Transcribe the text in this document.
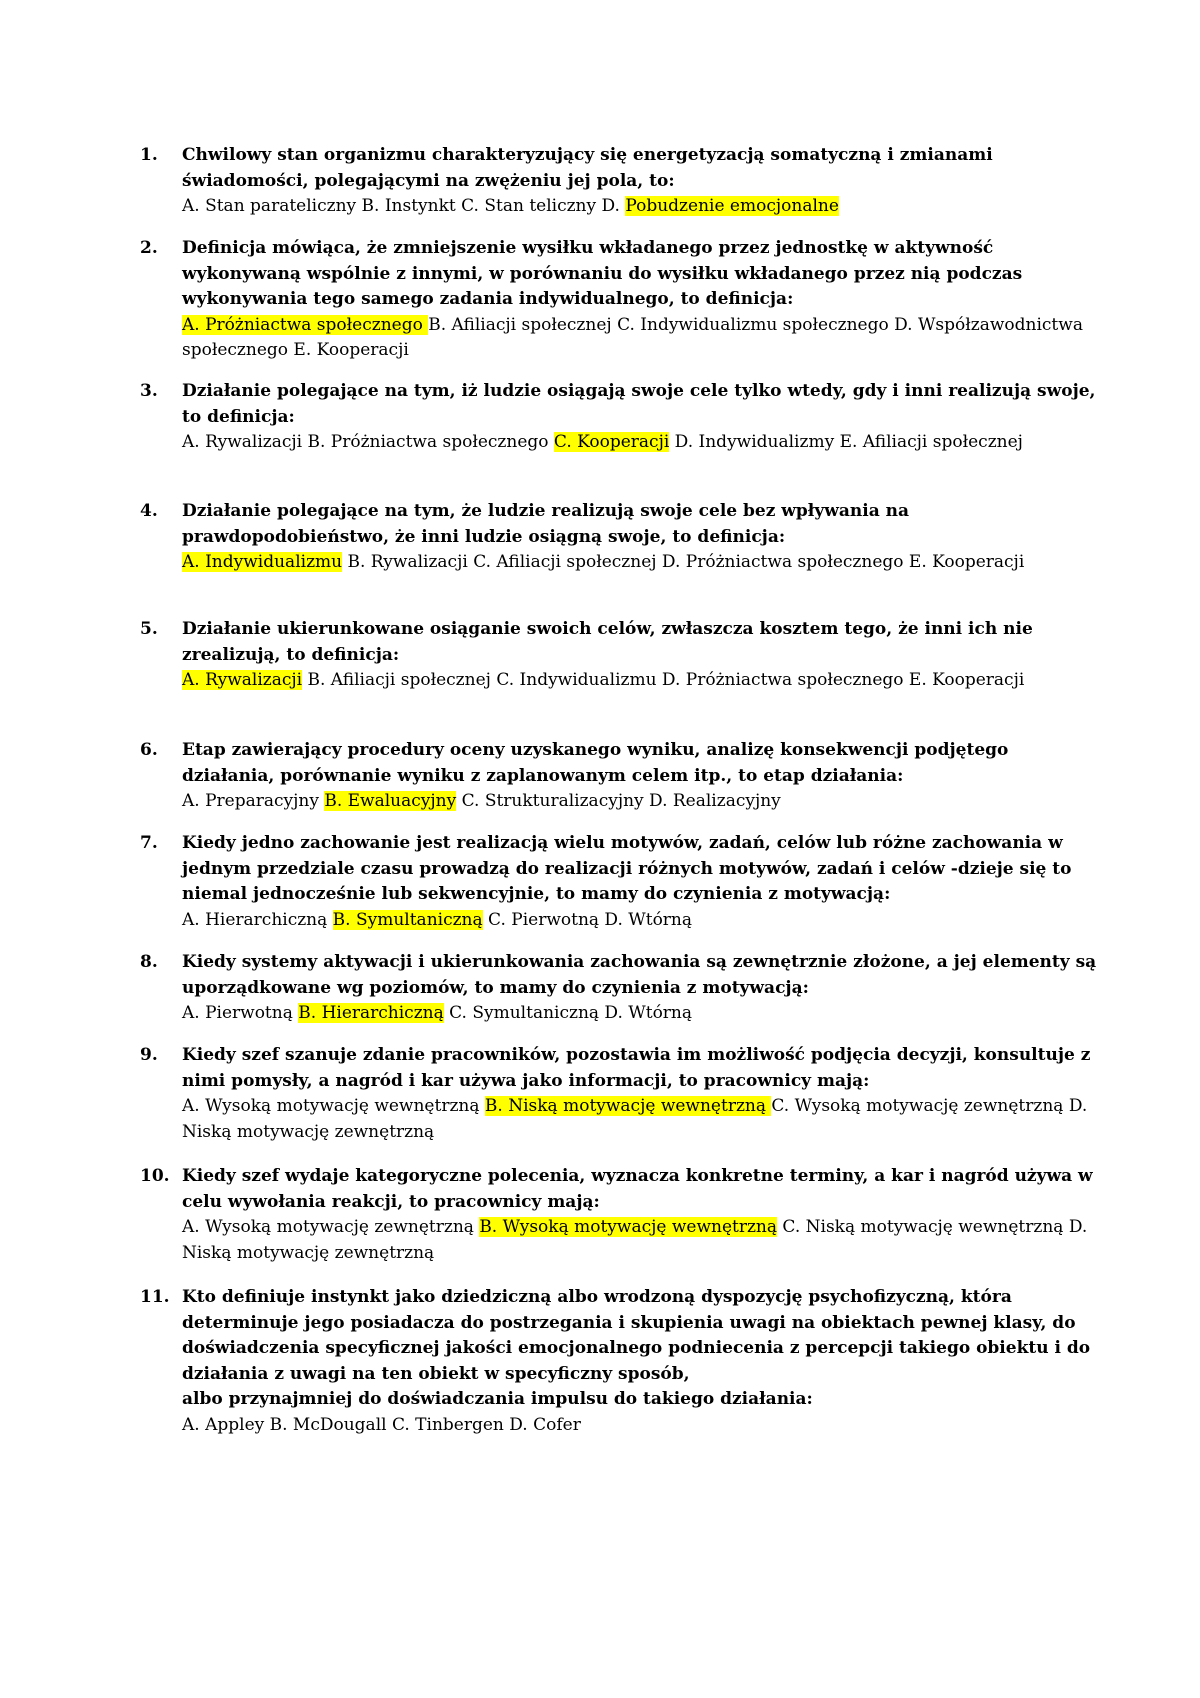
1. Chwilowy stan organizmu charakteryzujący się energetyzacją somatyczną i zmianami świadomości, polegającymi na zwężeniu jej pola, to:
A. Stan parateliczny B. Instynkt C. Stan teliczny D. Pobudzenie emocjonalne
2. Definicja mówiąca, że zmniejszenie wysiłku wkładanego przez jednostkę w aktywność wykonywaną wspólnie z innymi, w porównaniu do wysiłku wkładanego przez nią podczas wykonywania tego samego zadania indywidualnego, to definicja:
A. Próżniactwa społecznego B. Afiliacji społecznej C. Indywidualizmu społecznego D. Współzawodnictwa społecznego E. Kooperacji
3. Działanie polegające na tym, iż ludzie osiągają swoje cele tylko wtedy, gdy i inni realizują swoje, to definicja:
A. Rywalizacji B. Próżniactwa społecznego C. Kooperacji D. Indywidualizmy E. Afiliacji społecznej
4. Działanie polegające na tym, że ludzie realizują swoje cele bez wpływania na prawdopodobieństwo, że inni ludzie osiągną swoje, to definicja:
A. Indywidualizmu B. Rywalizacji C. Afiliacji społecznej D. Próżniactwa społecznego E. Kooperacji
5. Działanie ukierunkowane osiąganie swoich celów, zwłaszcza kosztem tego, że inni ich nie zrealizują, to definicja:
A. Rywalizacji B. Afiliacji społecznej C. Indywidualizmu D. Próżniactwa społecznego E. Kooperacji
6. Etap zawierający procedury oceny uzyskanego wyniku, analizę konsekwencji podjętego działania, porównanie wyniku z zaplanowanym celem itp., to etap działania:
A. Preparacyjny B. Ewaluacyjny C. Strukturalizacyjny D. Realizacyjny
7. Kiedy jedno zachowanie jest realizacją wielu motywów, zadań, celów lub różne zachowania w jednym przedziale czasu prowadzą do realizacji różnych motywów, zadań i celów -dzieje się to niemal jednocześnie lub sekwencyjnie, to mamy do czynienia z motywacją:
A. Hierarchiczną B. Symultaniczną C. Pierwotną D. Wtórną
8. Kiedy systemy aktywacji i ukierunkowania zachowania są zewnętrznie złożone, a jej elementy są uporządkowane wg poziomów, to mamy do czynienia z motywacją:
A. Pierwotną B. Hierarchiczną C. Symultaniczną D. Wtórną
9. Kiedy szef szanuje zdanie pracowników, pozostawia im możliwość podjęcia decyzji, konsultuje z nimi pomysły, a nagród i kar używa jako informacji, to pracownicy mają:
A. Wysoką motywację wewnętrzną B. Niską motywację wewnętrzną C. Wysoką motywację zewnętrzną D. Niską motywację zewnętrzną
10. Kiedy szef wydaje kategoryczne polecenia, wyznacza konkretne terminy, a kar i nagród używa w celu wywołania reakcji, to pracownicy mają:
A. Wysoką motywację zewnętrzną B. Wysoką motywację wewnętrzną C. Niską motywację wewnętrzną D. Niską motywację zewnętrzną
11. Kto definiuje instynkt jako dziedziczną albo wrodzoną dyspozycję psychofizyczną, która determinuje jego posiadacza do postrzegania i skupienia uwagi na obiektach pewnej klasy, do doświadczenia specyficznej jakości emocjonalnego podniecenia z percepcji takiego obiektu i do działania z uwagi na ten obiekt w specyficzny sposób,
albo przynajmniej do doświadczania impulsu do takiego działania:
A. Appley B. McDougall C. Tinbergen D. Cofer
